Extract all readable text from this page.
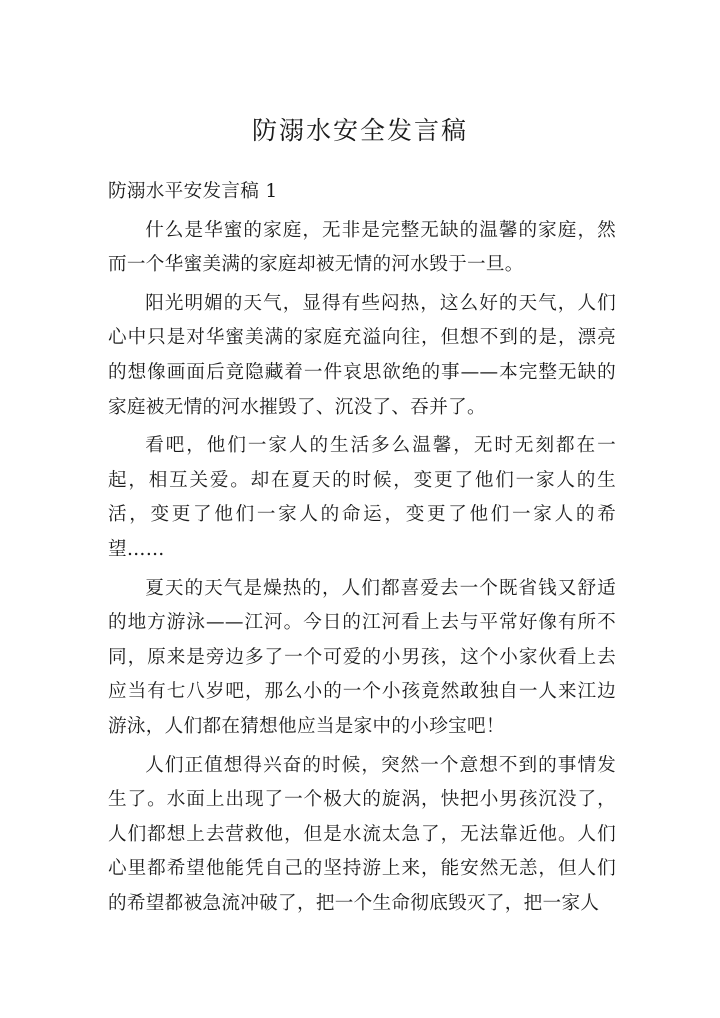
防溺水安全发言稿

防溺水平安发言稿 1

什么是华蜜的家庭，无非是完整无缺的温馨的家庭，然而一个华蜜美满的家庭却被无情的河水毁于一旦。

阳光明媚的天气，显得有些闷热，这么好的天气，人们心中只是对华蜜美满的家庭充溢向往，但想不到的是，漂亮的想像画面后竟隐藏着一件哀思欲绝的事——本完整无缺的家庭被无情的河水摧毁了、沉没了、吞并了。

看吧，他们一家人的生活多么温馨，无时无刻都在一起，相互关爱。却在夏天的时候，变更了他们一家人的生活，变更了他们一家人的命运，变更了他们一家人的希望……

夏天的天气是燥热的，人们都喜爱去一个既省钱又舒适的地方游泳——江河。今日的江河看上去与平常好像有所不同，原来是旁边多了一个可爱的小男孩，这个小家伙看上去应当有七八岁吧，那么小的一个小孩竟然敢独自一人来江边游泳，人们都在猜想他应当是家中的小珍宝吧！

人们正值想得兴奋的时候，突然一个意想不到的事情发生了。水面上出现了一个极大的旋涡，快把小男孩沉没了，人们都想上去营救他，但是水流太急了，无法靠近他。人们心里都希望他能凭自己的坚持游上来，能安然无恙，但人们的希望都被急流冲破了，把一个生命彻底毁灭了，把一家人
